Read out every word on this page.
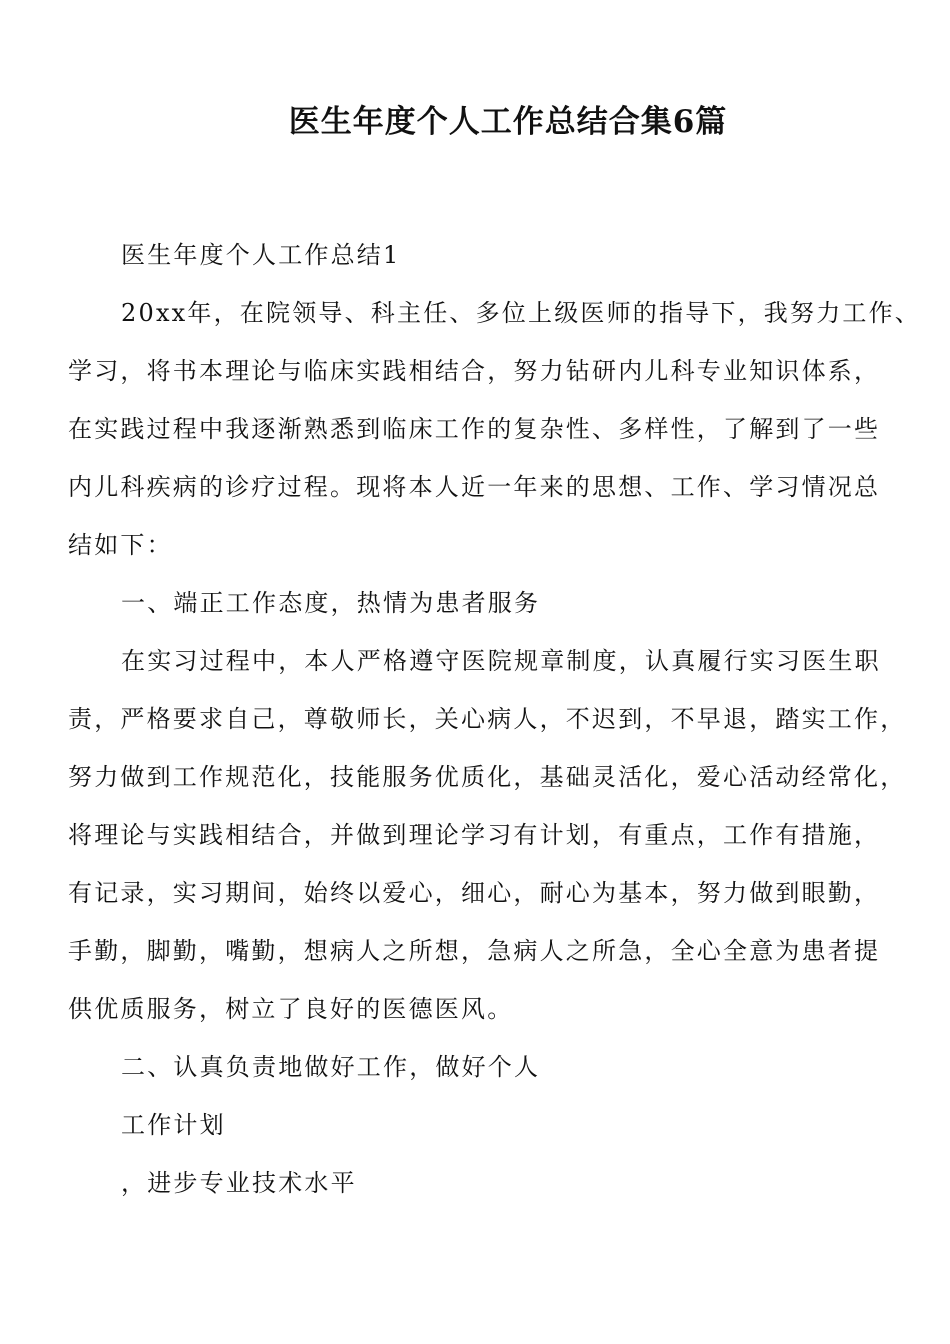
医生年度个人工作总结合集6篇
医生年度个人工作总结1
20xx年，在院领导、科主任、多位上级医师的指导下，我努力工作、
学习，将书本理论与临床实践相结合，努力钻研内儿科专业知识体系，
在实践过程中我逐渐熟悉到临床工作的复杂性、多样性，了解到了一些
内儿科疾病的诊疗过程。现将本人近一年来的思想、工作、学习情况总
结如下：
一、端正工作态度，热情为患者服务
在实习过程中，本人严格遵守医院规章制度，认真履行实习医生职
责，严格要求自己，尊敬师长，关心病人，不迟到，不早退，踏实工作，
努力做到工作规范化，技能服务优质化，基础灵活化，爱心活动经常化，
将理论与实践相结合，并做到理论学习有计划，有重点，工作有措施，
有记录，实习期间，始终以爱心，细心，耐心为基本，努力做到眼勤，
手勤，脚勤，嘴勤，想病人之所想，急病人之所急，全心全意为患者提
供优质服务，树立了良好的医德医风。
二、认真负责地做好工作，做好个人
工作计划
，进步专业技术水平
